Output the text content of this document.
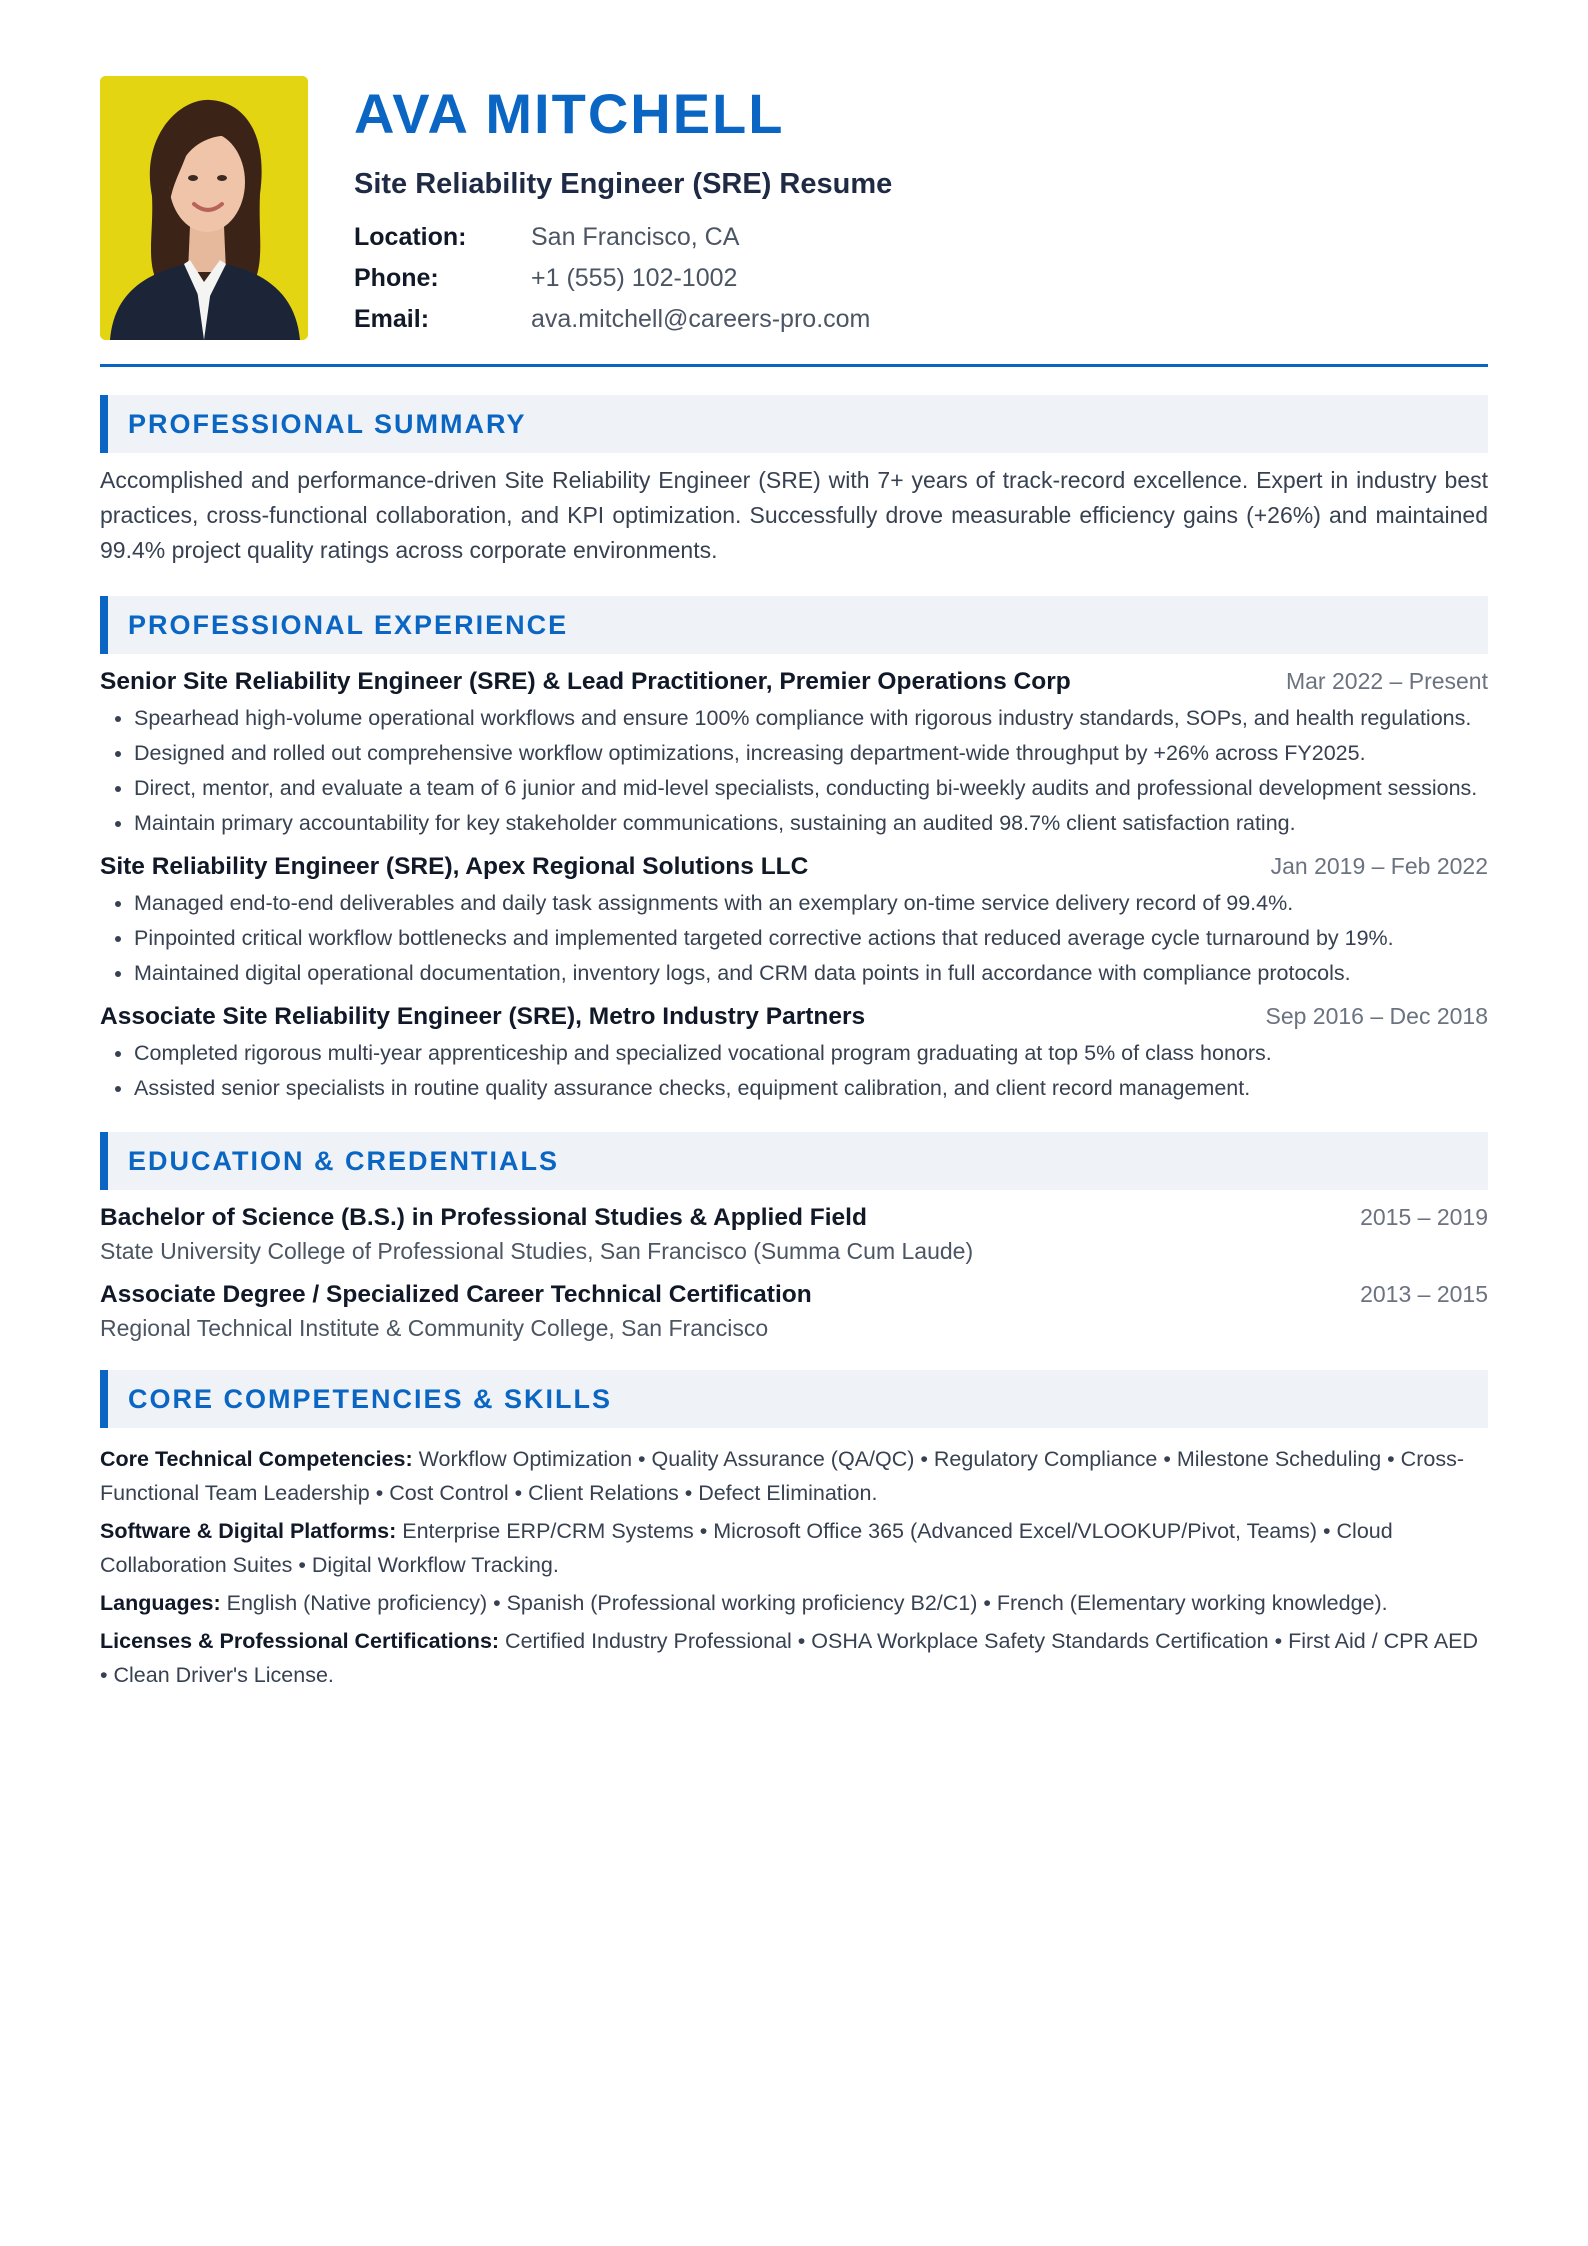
AVA MITCHELL
Site Reliability Engineer (SRE) Resume
Location:	San Francisco, CA
Phone:	+1 (555) 102-1002
Email:	ava.mitchell@careers-pro.com
PROFESSIONAL SUMMARY

Accomplished and performance-driven Site Reliability Engineer (SRE) with 7+ years of track-record excellence. Expert in industry best practices, cross-functional collaboration, and KPI optimization. Successfully drove measurable efficiency gains (+26%) and maintained 99.4% project quality ratings across corporate environments.

PROFESSIONAL EXPERIENCE
Senior Site Reliability Engineer (SRE) & Lead Practitioner, Premier Operations Corp	Mar 2022 – Present
• Spearhead high-volume operational workflows and ensure 100% compliance with rigorous industry standards, SOPs, and health regulations.
• Designed and rolled out comprehensive workflow optimizations, increasing department-wide throughput by +26% across FY2025.
• Direct, mentor, and evaluate a team of 6 junior and mid-level specialists, conducting bi-weekly audits and professional development sessions.
• Maintain primary accountability for key stakeholder communications, sustaining an audited 98.7% client satisfaction rating.
Site Reliability Engineer (SRE), Apex Regional Solutions LLC	Jan 2019 – Feb 2022
• Managed end-to-end deliverables and daily task assignments with an exemplary on-time service delivery record of 99.4%.
• Pinpointed critical workflow bottlenecks and implemented targeted corrective actions that reduced average cycle turnaround by 19%.
• Maintained digital operational documentation, inventory logs, and CRM data points in full accordance with compliance protocols.
Associate Site Reliability Engineer (SRE), Metro Industry Partners	Sep 2016 – Dec 2018
• Completed rigorous multi-year apprenticeship and specialized vocational program graduating at top 5% of class honors.
• Assisted senior specialists in routine quality assurance checks, equipment calibration, and client record management.
EDUCATION & CREDENTIALS
Bachelor of Science (B.S.) in Professional Studies & Applied Field	2015 – 2019
State University College of Professional Studies, San Francisco (Summa Cum Laude)
Associate Degree / Specialized Career Technical Certification	2013 – 2015
Regional Technical Institute & Community College, San Francisco
CORE COMPETENCIES & SKILLS
Core Technical Competencies: Workflow Optimization • Quality Assurance (QA/QC) • Regulatory Compliance • Milestone Scheduling • Cross-Functional Team Leadership • Cost Control • Client Relations • Defect Elimination.
Software & Digital Platforms: Enterprise ERP/CRM Systems • Microsoft Office 365 (Advanced Excel/VLOOKUP/Pivot, Teams) • Cloud Collaboration Suites • Digital Workflow Tracking.
Languages: English (Native proficiency) • Spanish (Professional working proficiency B2/C1) • French (Elementary working knowledge).
Licenses & Professional Certifications: Certified Industry Professional • OSHA Workplace Safety Standards Certification • First Aid / CPR AED • Clean Driver's License.
